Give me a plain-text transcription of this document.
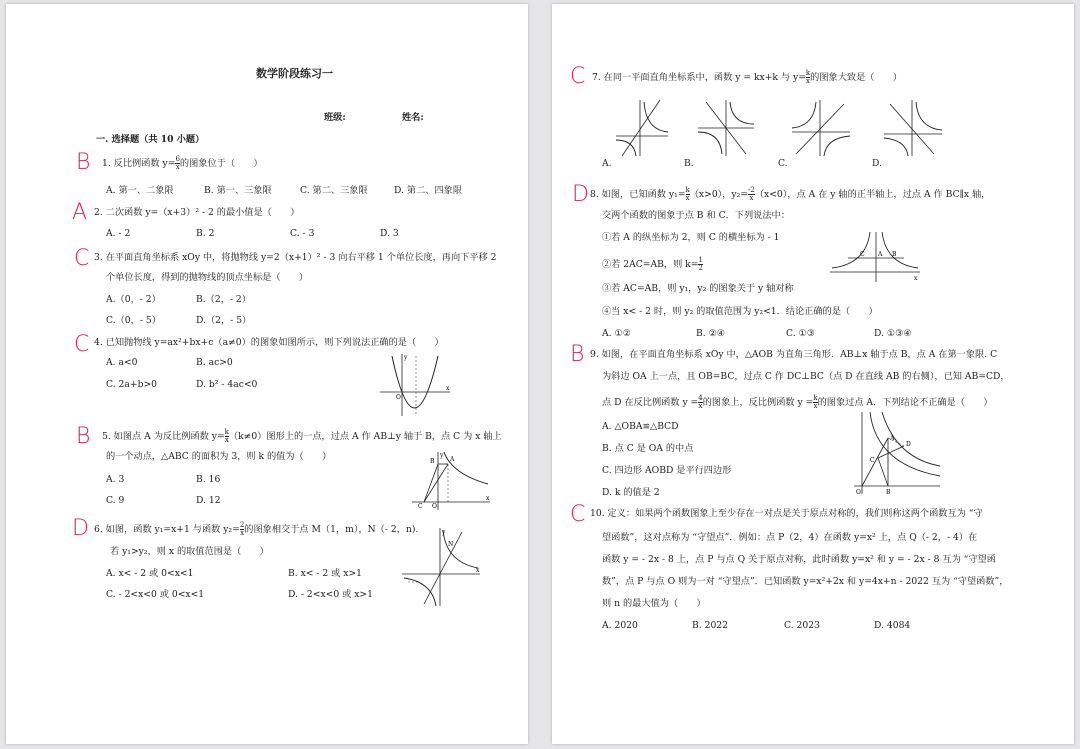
数学阶段练习一
班级:	姓名:
一. 选择题（共 10 小题）
B 1. 反比例函数 $y= \frac{6}{x}$ 的图象位于（　　）
A. 第一、二象限	B. 第一、三象限	C. 第二、三象限	D. 第二、四象限
A 2. 二次函数 y=（x+3）² - 2 的最小值是（　　）
A. - 2	B. 2	C. - 3	D. 3
C 3. 在平面直角坐标系 xOy 中，将抛物线 y=2（x+1）² - 3 向右平移 1 个单位长度，再向下平移 2
个单位长度，得到的抛物线的顶点坐标是（　　）
A.（0，- 2）	B.（2，- 2）
C.（0，- 5）	D.（2，- 5）
C 4. 已知抛物线 y=ax²+bx+c（a≠0）的图象如图所示，则下列说法正确的是（　　）
A. a<0	B. ac>0
C. 2a+b>0	D. b² - 4ac<0
y
x
O
B 5. 如图点 A 为反比例函数 $y= \frac{k}{x} (k\ne 0)$图形上的一点，过点 A 作 AB⊥y 轴于 B，点 C 为 x 轴上
的一个动点，△ABC 的面积为 3，则 k 的值为（　　）
A. 3	B. 16
C. 9	D. 12
B	A
C O
x
y
D 6. 如图，函数 y₁=x+1 与函数 $y_2= \frac{2}{x}$ 的图象相交于点 M（1，m），N（- 2，n).
若 y₁>y₂，则 x 的取值范围是（　　）
A. x< - 2 或 0<x<1	B. x< - 2 或 x>1
C. - 2<x<0 或 0<x<1	D. - 2<x<0 或 x>1
N
y
x
C 7. 在同一平面直角坐标系中，函数 y = kx+k 与 $y= \frac{k}{x}$ 的图象大致是（　　）
A.	B.	C.	D.
D 8. 如图，已知函数 $y_1= \frac{k}{x} (x>0)$，$y_2= \frac{-2}{x} (x<0)$，点 A 在 y 轴的正半轴上，过点 A 作 BC∥x 轴，
交两个函数的图象于点 B 和 C．下列说法中：
①若 A 的纵坐标为 2，则 C 的横坐标为 - 1
②若 2AC=AB，则 $k= \frac{1}{2}$
③若 AC=AB，则 y₁，y₂ 的图象关于 y 轴对称
④当 x< - 2 时，则 y₂ 的取值范围为 y₂<1．结论正确的是（　　）
A. ①②	B. ②④	C. ①③	D. ①③④
C A B
x
B 9. 如图，在平面直角坐标系 xOy 中，△AOB 为直角三角形．AB⊥x 轴于点 B，点 A 在第一象限. C
为斜边 OA 上一点，且 OB=BC，过点 C 作 DC⊥BC（点 D 在直线 AB 的右侧），已知 AB=CD，
点 D 在反比例函数 $y = \frac{4}{x}$ 的图象上，反比例函数 $y = \frac{k}{x}$ 的图象过点 A．下列结论不正确是（　　）
A. △OBA≌△BCD
B. 点 C 是 OA 的中点
C. 四边形 AOBD 是平行四边形
D. k 的值是 2
A
C
D
O	B
C 10. 定义：如果两个函数图象上至少存在一对点是关于原点对称的，我们则称这两个函数互为 “守
望函数”，这对点称为 “守望点”．例如：点 P（2，4）在函数 y=x² 上，点 Q（- 2，- 4）在
函数 y = - 2x - 8 上，点 P 与点 Q 关于原点对称，此时函数 y=x² 和 y = - 2x - 8 互为 “守望函
数”，点 P 与点 O 则为一对 “守望点”．已知函数 y=x²+2x 和 y=4x+n - 2022 互为 “守望函数”，
则 n 的最大值为（　　）
A. 2020	B. 2022	C. 2023	D. 4084
